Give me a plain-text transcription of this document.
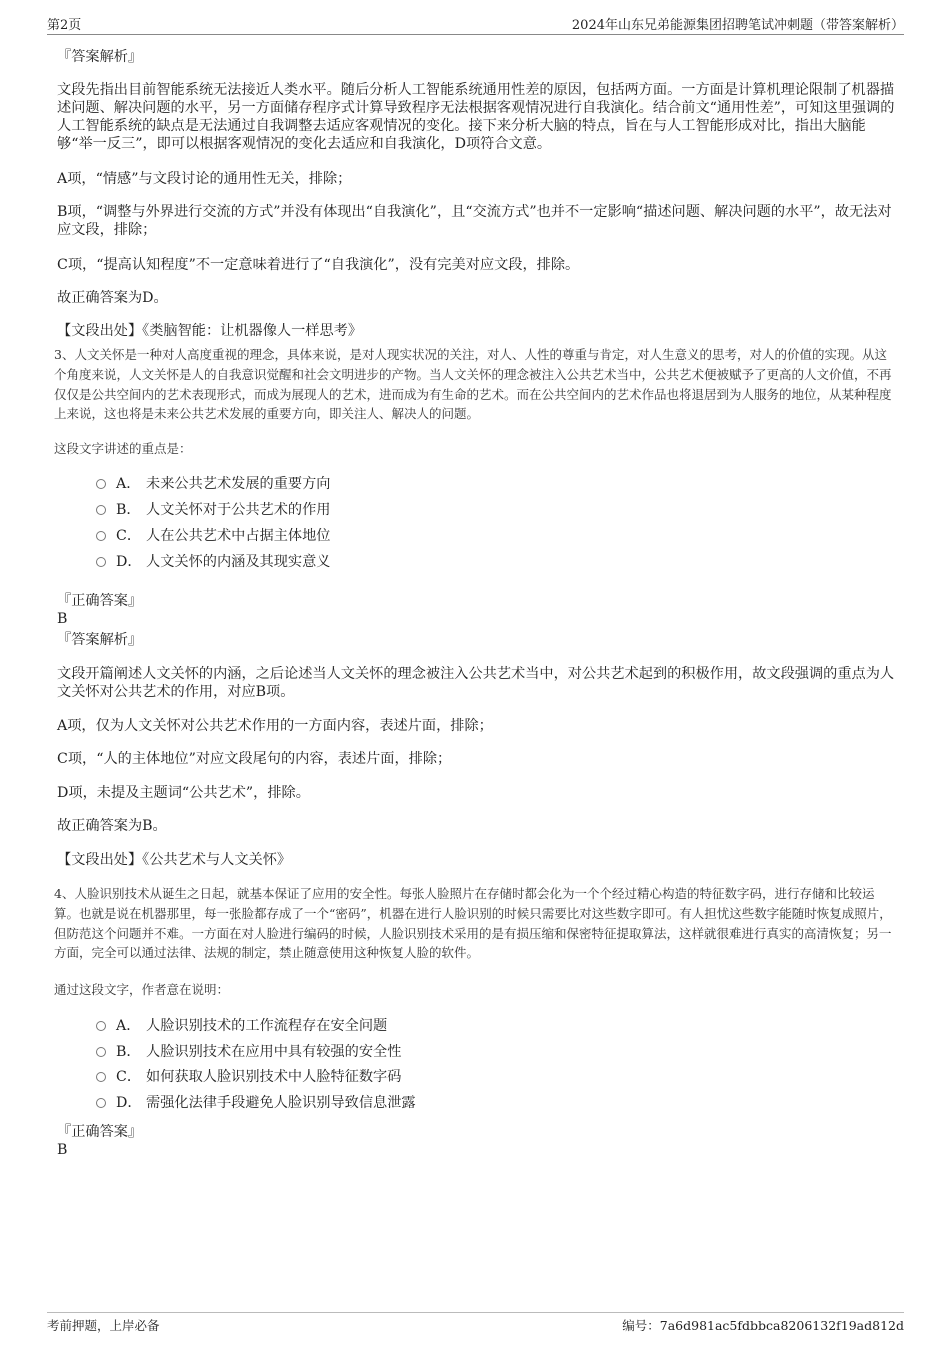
第2页	2024年山东兄弟能源集团招聘笔试冲刺题（带答案解析）
『答案解析』
文段先指出目前智能系统无法接近人类水平。随后分析人工智能系统通用性差的原因，包括两方面。一方面是计算机理论限制了机器描述问题、解决问题的水平，另一方面储存程序式计算导致程序无法根据客观情况进行自我演化。结合前文“通用性差”，可知这里强调的人工智能系统的缺点是无法通过自我调整去适应客观情况的变化。接下来分析大脑的特点，旨在与人工智能形成对比，指出大脑能够“举一反三”，即可以根据客观情况的变化去适应和自我演化，D项符合文意。
A项，“情感”与文段讨论的通用性无关，排除；
B项，“调整与外界进行交流的方式”并没有体现出“自我演化”，且“交流方式”也并不一定影响“描述问题、解决问题的水平”，故无法对应文段，排除；
C项，“提高认知程度”不一定意味着进行了“自我演化”，没有完美对应文段，排除。
故正确答案为D。
【文段出处】《类脑智能：让机器像人一样思考》
3、人文关怀是一种对人高度重视的理念，具体来说，是对人现实状况的关注，对人、人性的尊重与肯定，对人生意义的思考，对人的价值的实现。从这个角度来说，人文关怀是人的自我意识觉醒和社会文明进步的产物。当人文关怀的理念被注入公共艺术当中，公共艺术便被赋予了更高的人文价值，不再仅仅是公共空间内的艺术表现形式，而成为展现人的艺术，进而成为有生命的艺术。而在公共空间内的艺术作品也将退居到为人服务的地位，从某种程度上来说，这也将是未来公共艺术发展的重要方向，即关注人、解决人的问题。
这段文字讲述的重点是：
A． 未来公共艺术发展的重要方向
B． 人文关怀对于公共艺术的作用
C． 人在公共艺术中占据主体地位
D． 人文关怀的内涵及其现实意义
『正确答案』
B
『答案解析』
文段开篇阐述人文关怀的内涵，之后论述当人文关怀的理念被注入公共艺术当中，对公共艺术起到的积极作用，故文段强调的重点为人文关怀对公共艺术的作用，对应B项。
A项，仅为人文关怀对公共艺术作用的一方面内容，表述片面，排除；
C项，“人的主体地位”对应文段尾句的内容，表述片面，排除；
D项，未提及主题词“公共艺术”，排除。
故正确答案为B。
【文段出处】《公共艺术与人文关怀》
4、人脸识别技术从诞生之日起，就基本保证了应用的安全性。每张人脸照片在存储时都会化为一个个经过精心构造的特征数字码，进行存储和比较运算。也就是说在机器那里，每一张脸都存成了一个“密码”，机器在进行人脸识别的时候只需要比对这些数字即可。有人担忧这些数字能随时恢复成照片，但防范这个问题并不难。一方面在对人脸进行编码的时候，人脸识别技术采用的是有损压缩和保密特征提取算法，这样就很难进行真实的高清恢复；另一方面，完全可以通过法律、法规的制定，禁止随意使用这种恢复人脸的软件。
通过这段文字，作者意在说明：
A． 人脸识别技术的工作流程存在安全问题
B． 人脸识别技术在应用中具有较强的安全性
C． 如何获取人脸识别技术中人脸特征数字码
D． 需强化法律手段避免人脸识别导致信息泄露
『正确答案』
B
考前押题，上岸必备	编号：7a6d981ac5fdbbca8206132f19ad812d
